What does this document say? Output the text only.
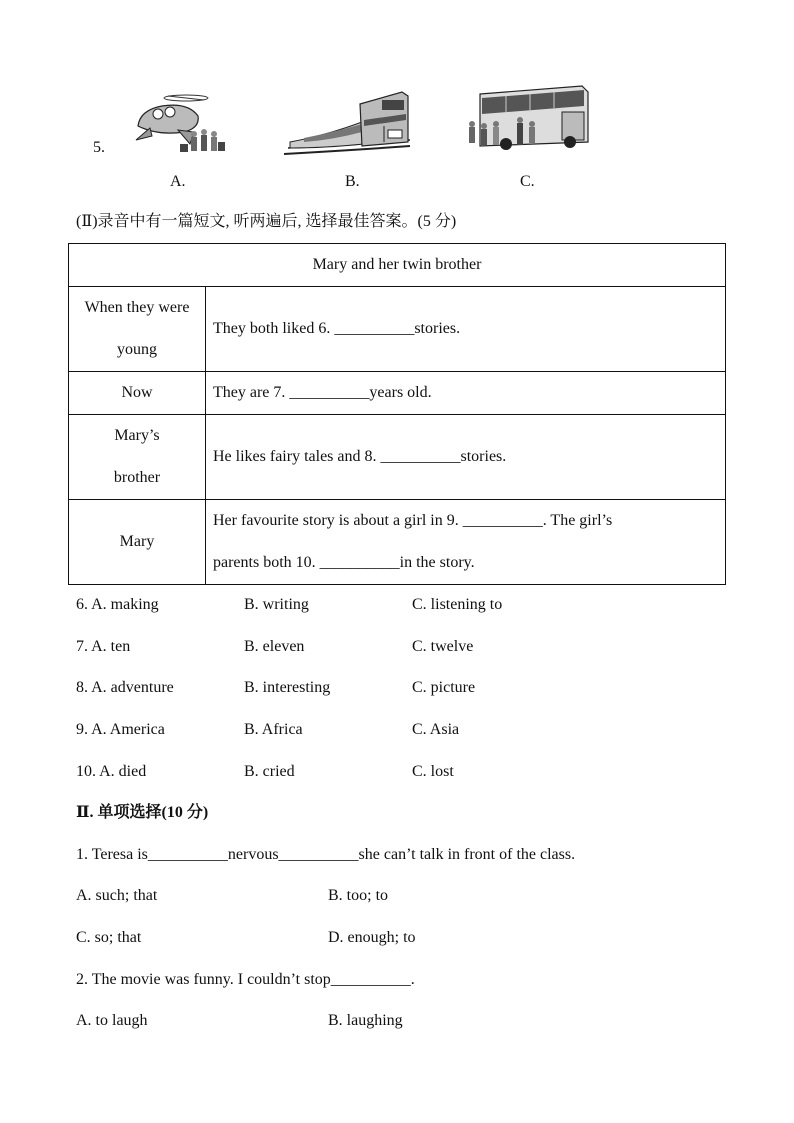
5.
A.	B.	C.
(Ⅱ)录音中有一篇短文, 听两遍后, 选择最佳答案。(5 分)
Mary and her twin brother	

When they were
young	They both liked 6. __________stories.

Now	They are 7. __________years old.

Mary’s
brother	He likes fairy tales and 8. __________stories.

Mary	Her favourite story is about a girl in 9. __________. The girl’s
parents both 10. __________in the story.
6. A. making	B. writing	C. listening to
7. A. ten	B. eleven	C. twelve
8. A. adventure	B. interesting	C. picture
9. A. America	B. Africa	C. Asia
10. A. died	B. cried	C. lost
Ⅱ. 单项选择(10 分)
1. Teresa is__________nervous__________she can’t talk in front of the class.
A. such; that	B. too; to
C. so; that	D. enough; to
2. The movie was funny. I couldn’t stop__________.
A. to laugh	B. laughing
